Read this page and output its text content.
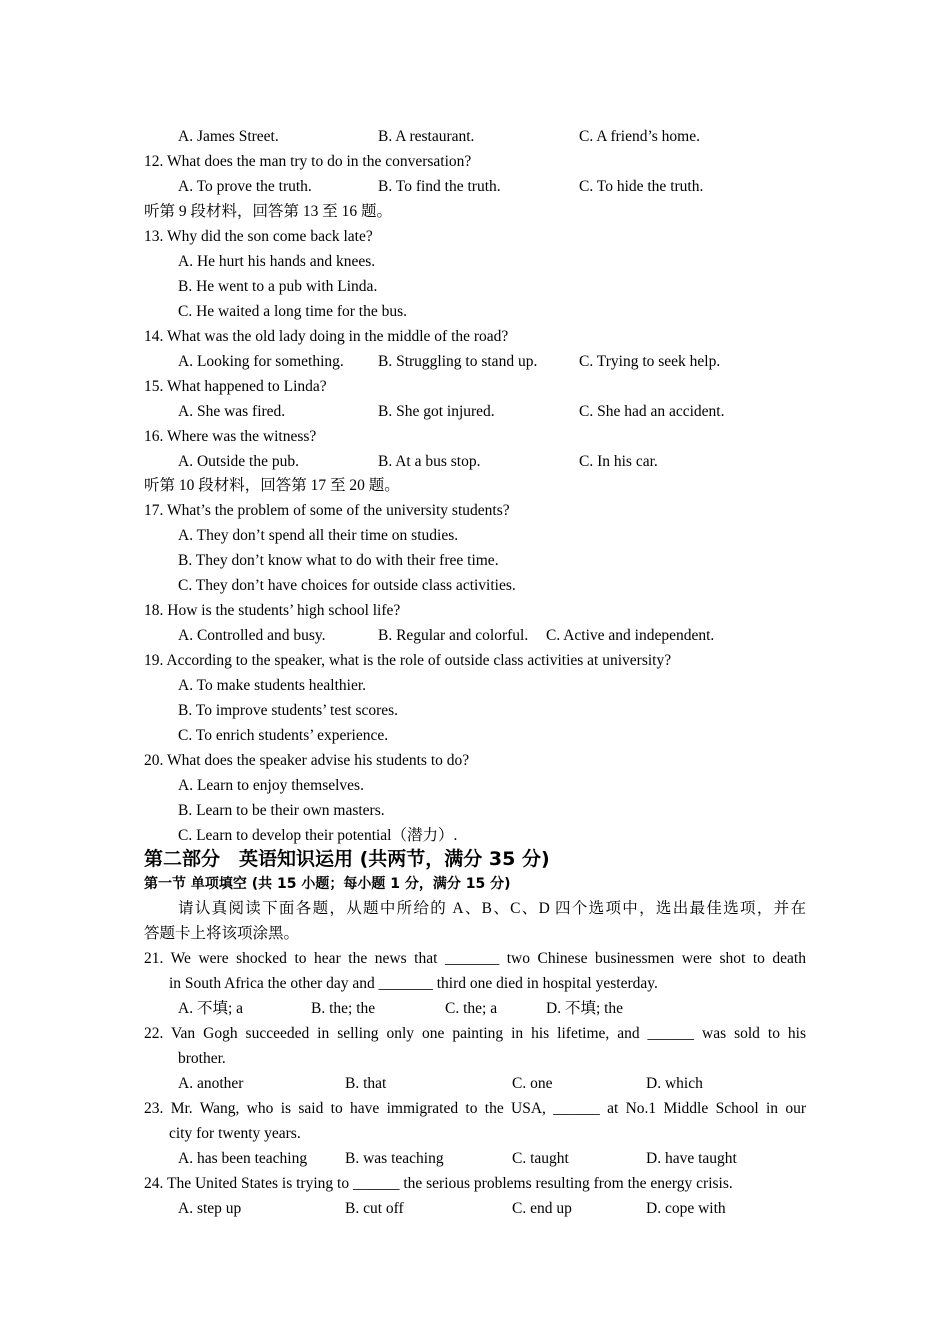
A. James Street.	B. A restaurant.	C. A friend’s home.
12. What does the man try to do in the conversation?
A. To prove the truth.	B. To find the truth.	C. To hide the truth.
听第 9 段材料，回答第 13 至 16 题。
13. Why did the son come back late?
A. He hurt his hands and knees.
B. He went to a pub with Linda.
C. He waited a long time for the bus.
14. What was the old lady doing in the middle of the road?
A. Looking for something. B. Struggling to stand up.	C. Trying to seek help.
15. What happened to Linda?
A. She was fired.	B. She got injured.	C. She had an accident.
16. Where was the witness?
A. Outside the pub.	B. At a bus stop.	C. In his car.
听第 10 段材料，回答第 17 至 20 题。
17. What’s the problem of some of the university students?
A. They don’t spend all their time on studies.
B. They don’t know what to do with their free time.
C. They don’t have choices for outside class activities.
18. How is the students’ high school life?
A. Controlled and busy.	B. Regular and colorful. C. Active and independent.
19. According to the speaker, what is the role of outside class activities at university?
A. To make students healthier.
B. To improve students’ test scores.
C. To enrich students’ experience.
20. What does the speaker advise his students to do?
A. Learn to enjoy themselves.
B. Learn to be their own masters.
C. Learn to develop their potential（潜力）.
第二部分　英语知识运用 (共两节，满分 35 分)
第一节 单项填空 (共 15 小题；每小题 1 分，满分 15 分)
请认真阅读下面各题，从题中所给的 A、B、C、D 四个选项中，选出最佳选项，并在
答题卡上将该项涂黑。
21. We were shocked to hear the news that _______ two Chinese businessmen were shot to death
in South Africa the other day and _______ third one died in hospital yesterday.
A. 不填; a	B. the; the	C. the; a	D. 不填; the
22. Van Gogh succeeded in selling only one painting in his lifetime, and ______ was sold to his
brother.
A. another	B. that	C. one	D. which
23. Mr. Wang, who is said to have immigrated to the USA, ______ at No.1 Middle School in our
city for twenty years.
A. has been teaching B. was teaching	C. taught	D. have taught
24. The United States is trying to ______ the serious problems resulting from the energy crisis.
A. step up	B. cut off	C. end up	D. cope with
